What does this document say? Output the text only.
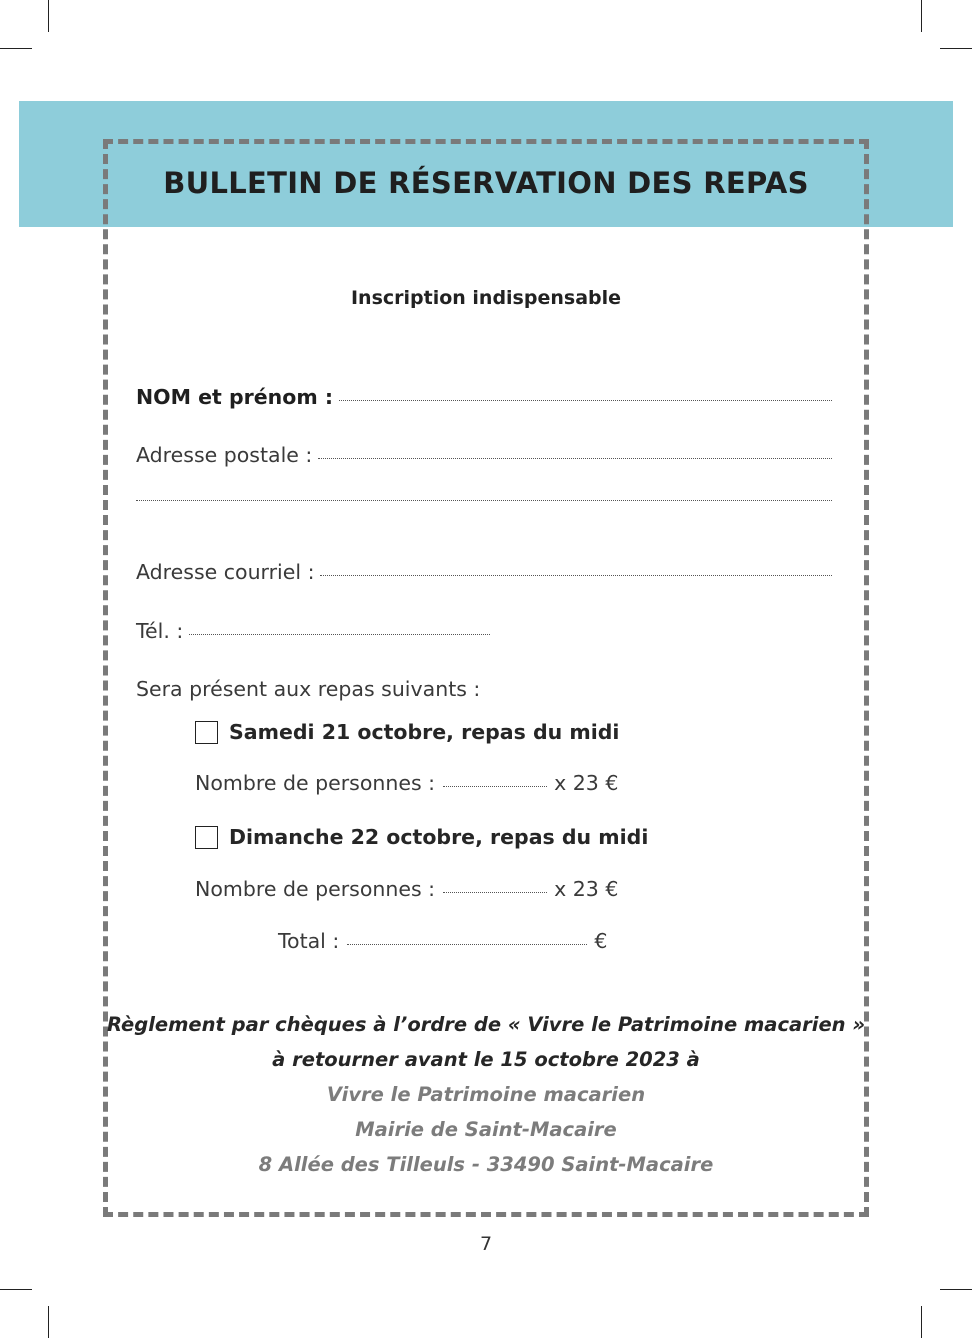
BULLETIN DE RÉSERVATION DES REPAS
Inscription indispensable
NOM et prénom :
Adresse postale :
Adresse courriel :
Tél. :
Sera présent aux repas suivants :
Samedi 21 octobre, repas du midi
Nombre de personnes :	x 23 €
Dimanche 22 octobre, repas du midi
Nombre de personnes :	x 23 €
Total :	€
Règlement par chèques à l’ordre de « Vivre le Patrimoine macarien »
à retourner avant le 15 octobre 2023 à
Vivre le Patrimoine macarien
Mairie de Saint-Macaire
8 Allée des Tilleuls - 33490 Saint-Macaire
7
